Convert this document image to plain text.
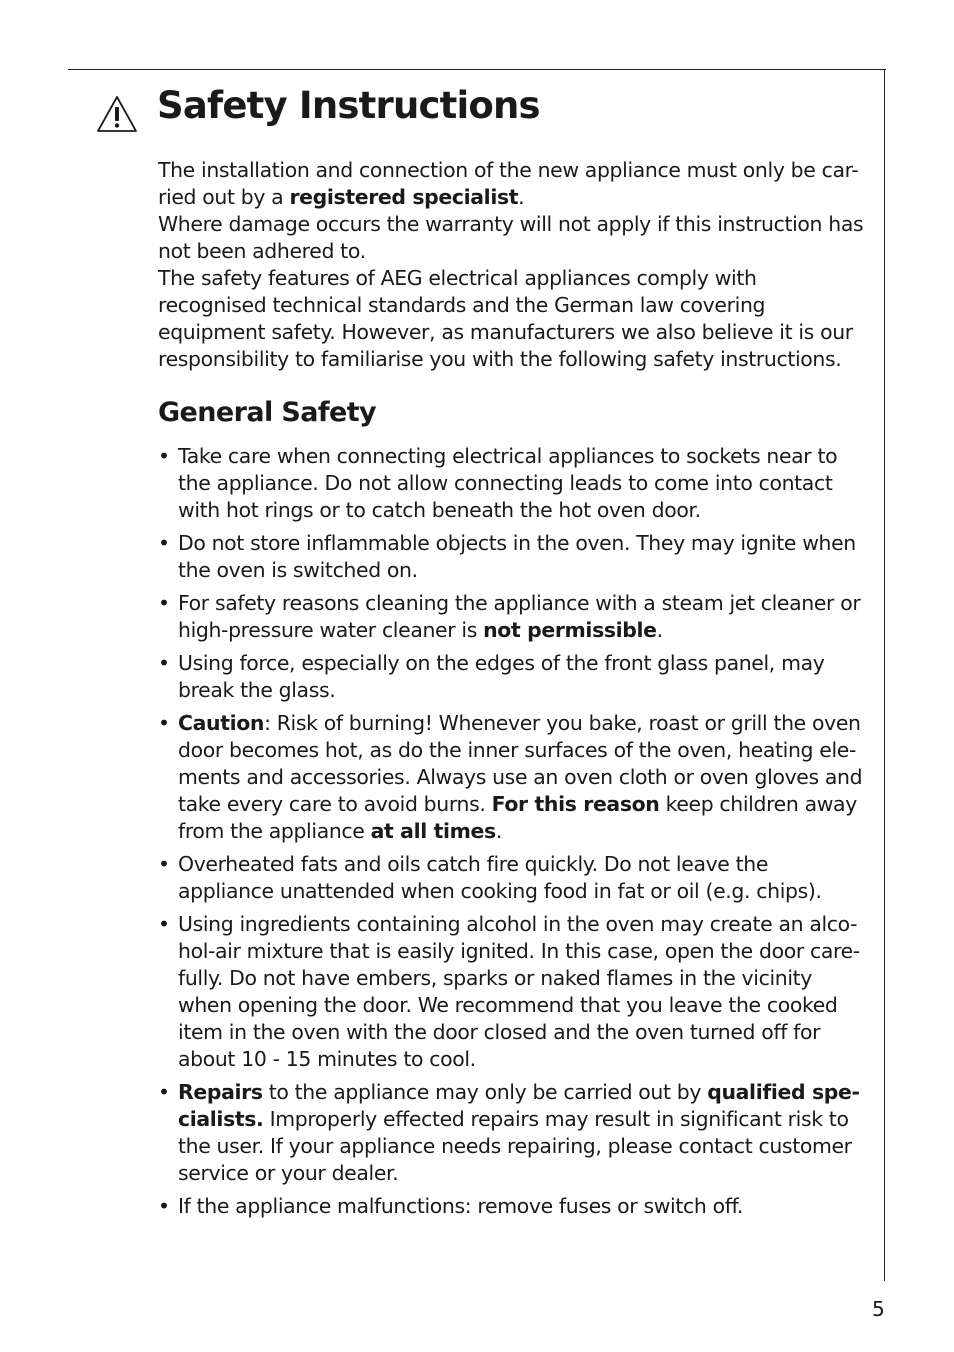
Safety Instructions

The installation and connection of the new appliance must only be car-ried out by a registered specialist.

Where damage occurs the warranty will not apply if this instruction has not been adhered to.

The safety features of AEG electrical appliances comply with recognised technical standards and the German law covering equipment safety. However, as manufacturers we also believe it is our responsibility to familiarise you with the following safety instructions.

General Safety
• Take care when connecting electrical appliances to sockets near to the appliance. Do not allow connecting leads to come into contact with hot rings or to catch beneath the hot oven door.
• Do not store inflammable objects in the oven. They may ignite when the oven is switched on.
• For safety reasons cleaning the appliance with a steam jet cleaner or high-pressure water cleaner is not permissible.
• Using force, especially on the edges of the front glass panel, may break the glass.
• Caution: Risk of burning! Whenever you bake, roast or grill the oven door becomes hot, as do the inner surfaces of the oven, heating ele-ments and accessories. Always use an oven cloth or oven gloves and take every care to avoid burns. For this reason keep children away from the appliance at all times.
• Overheated fats and oils catch fire quickly. Do not leave the appliance unattended when cooking food in fat or oil (e.g. chips).
• Using ingredients containing alcohol in the oven may create an alco-hol-air mixture that is easily ignited. In this case, open the door care-fully. Do not have embers, sparks or naked flames in the vicinity when opening the door. We recommend that you leave the cooked item in the oven with the door closed and the oven turned off for about 10 - 15 minutes to cool.
• Repairs to the appliance may only be carried out by qualified spe-cialists. Improperly effected repairs may result in significant risk to the user. If your appliance needs repairing, please contact customer service or your dealer.
• If the appliance malfunctions: remove fuses or switch off.
5
